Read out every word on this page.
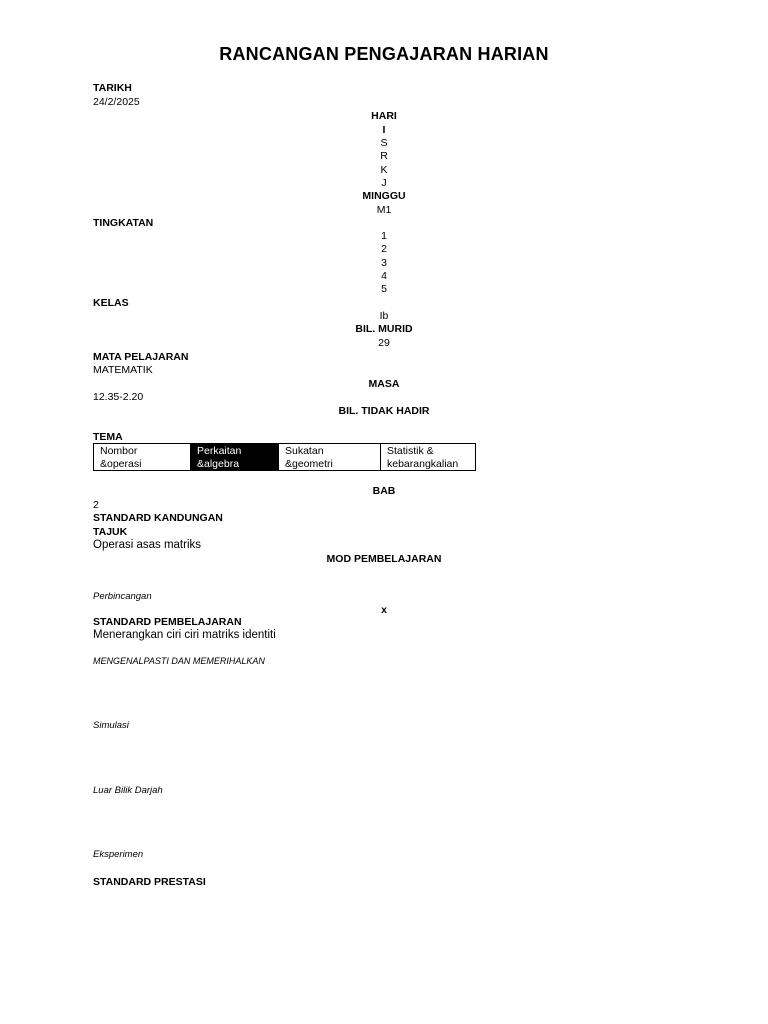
RANCANGAN PENGAJARAN HARIAN
TARIKH
24/2/2025
HARI
I
S
R
K
J
MINGGU
M1
TINGKATAN
1
2
3
4
5
KELAS
Ib
BIL. MURID
29
MATA PELAJARAN
MATEMATIK
MASA
12.35-2.20
BIL. TIDAK HADIR
TEMA
Nombor
&operasi
Perkaitan
&algebra
Sukatan
&geometri
Statistik &
kebarangkalian
BAB
2
STANDARD KANDUNGAN
TAJUK
Operasi asas matriks
MOD PEMBELAJARAN
Perbincangan
x
STANDARD PEMBELAJARAN
Menerangkan ciri ciri matriks identiti
MENGENALPASTI DAN MEMERIHALKAN
Simulasi
Luar Bilik Darjah
Eksperimen
STANDARD PRESTASI
